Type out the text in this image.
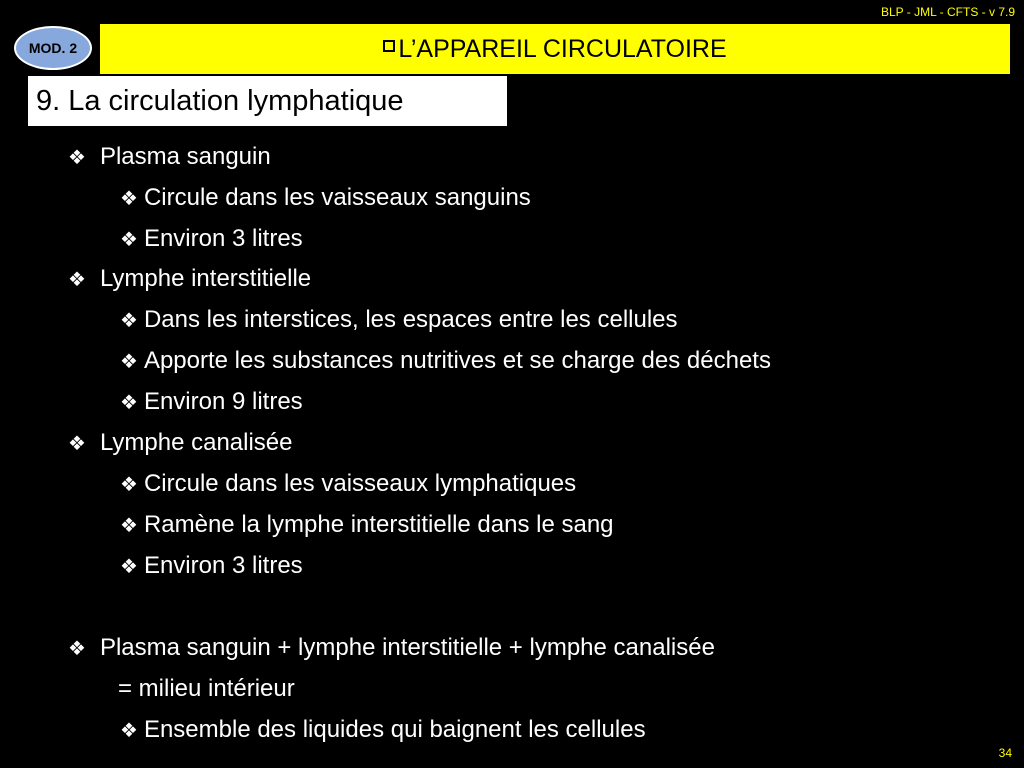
BLP - JML - CFTS - v 7.9
MOD. 2	L’APPAREIL CIRCULATOIRE
9. La circulation lymphatique
❖ Plasma sanguin
❖ Circule dans les vaisseaux sanguins
❖ Environ 3 litres
❖ Lymphe interstitielle
❖ Dans les interstices, les espaces entre les cellules
❖ Apporte les substances nutritives et se charge des déchets
❖ Environ 9 litres
❖ Lymphe canalisée
❖ Circule dans les vaisseaux lymphatiques
❖ Ramène la lymphe interstitielle dans le sang
❖ Environ 3 litres
❖ Plasma sanguin + lymphe interstitielle + lymphe canalisée
= milieu intérieur
❖ Ensemble des liquides qui baignent les cellules
34
